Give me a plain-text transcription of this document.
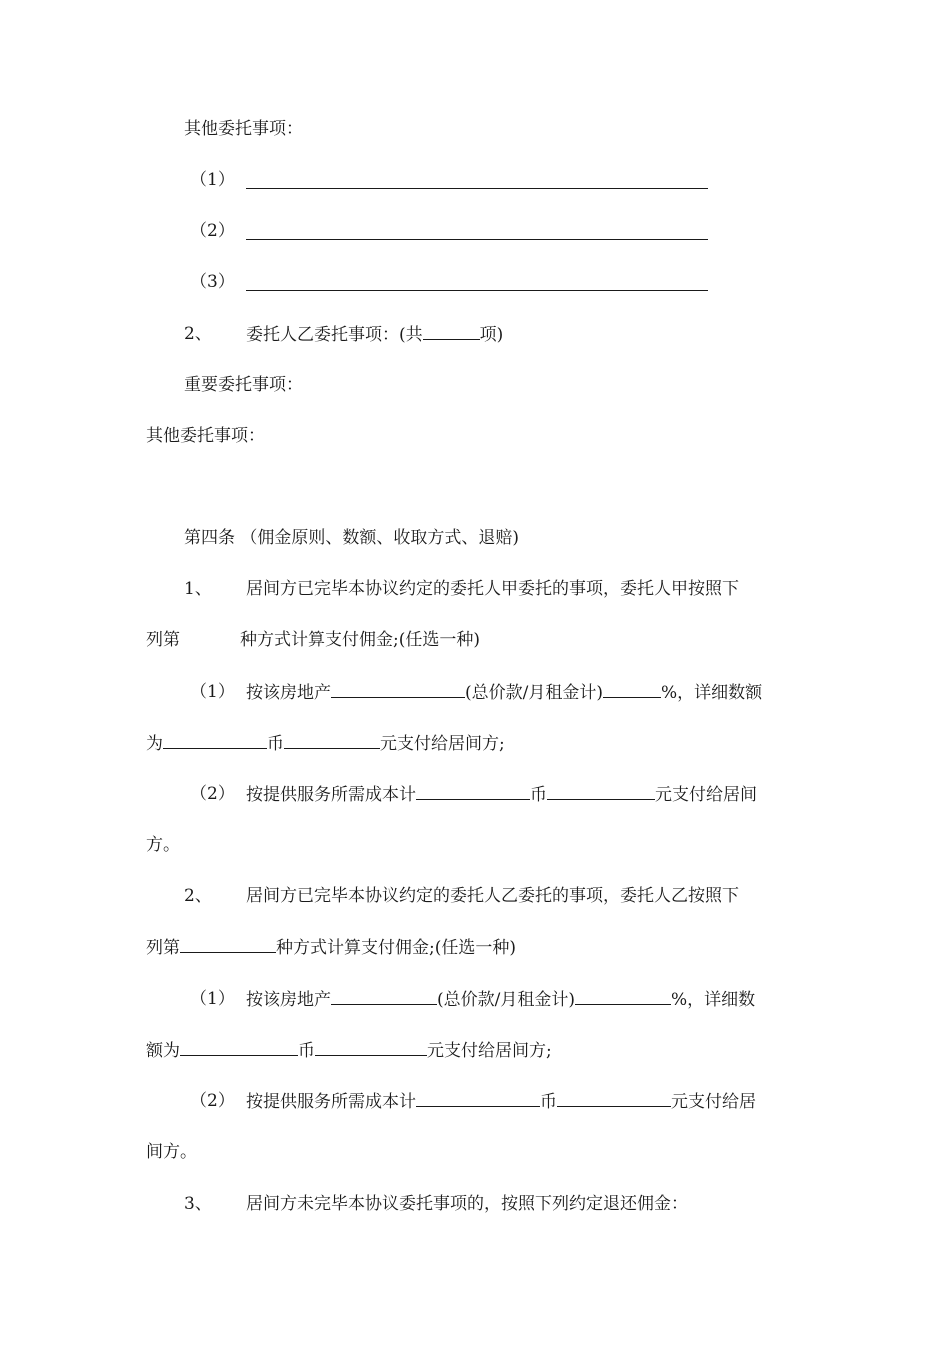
其他委托事项：
（1）
（2）
（3）
2、 委托人乙委托事项：(共	项)
重要委托事项：
其他委托事项：
第四条 （佣金原则、数额、收取方式、退赔)
1、 居间方已完毕本协议约定的委托人甲委托的事项，委托人甲按照下
列第	种方式计算支付佣金;(任选一种)
（1） 按该房地产	(总价款/月租金计)	%，详细数额
为	币	元支付给居间方;
（2） 按提供服务所需成本计	币	元支付给居间
方。
2、 居间方已完毕本协议约定的委托人乙委托的事项，委托人乙按照下
列第	种方式计算支付佣金;(任选一种)
（1） 按该房地产	(总价款/月租金计)	%，详细数
额为	币	元支付给居间方;
（2） 按提供服务所需成本计	币	元支付给居
间方。
3、 居间方未完毕本协议委托事项的，按照下列约定退还佣金：
